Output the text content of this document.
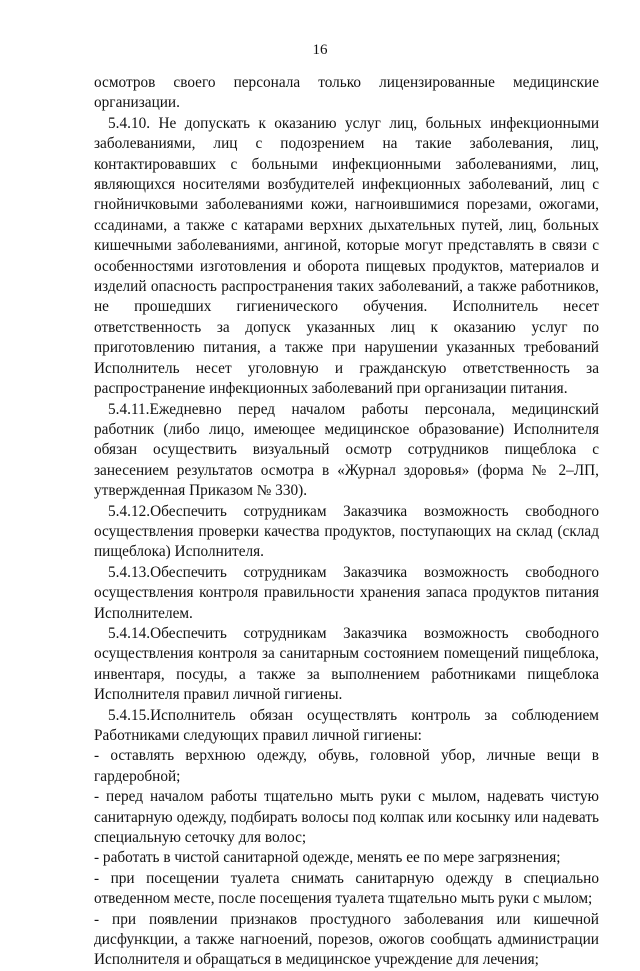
16

осмотров своего персонала только лицензированные медицинские организации.

5.4.10. Не допускать к оказанию услуг лиц, больных инфекционными заболеваниями, лиц с подозрением на такие заболевания, лиц, контактировавших с больными инфекционными заболеваниями, лиц, являющихся носителями возбудителей инфекционных заболеваний, лиц с гнойничковыми заболеваниями кожи, нагноившимися порезами, ожогами, ссадинами, а также с катарами верхних дыхательных путей, лиц, больных кишечными заболеваниями, ангиной, которые могут представлять в связи с особенностями изготовления и оборота пищевых продуктов, материалов и изделий опасность распространения таких заболеваний, а также работников, не прошедших гигиенического обучения. Исполнитель несет ответственность за допуск указанных лиц к оказанию услуг по приготовлению питания, а также при нарушении указанных требований Исполнитель несет уголовную и гражданскую ответственность за распространение инфекционных заболеваний при организации питания.

5.4.11.Ежедневно перед началом работы персонала, медицинский работник (либо лицо, имеющее медицинское образование) Исполнителя обязан осуществить визуальный осмотр сотрудников пищеблока с занесением результатов осмотра в «Журнал здоровья» (форма № 2–ЛП, утвержденная Приказом № 330).

5.4.12.Обеспечить сотрудникам Заказчика возможность свободного осуществления проверки качества продуктов, поступающих на склад (склад пищеблока) Исполнителя.

5.4.13.Обеспечить сотрудникам Заказчика возможность свободного осуществления контроля правильности хранения запаса продуктов питания Исполнителем.

5.4.14.Обеспечить сотрудникам Заказчика возможность свободного осуществления контроля за санитарным состоянием помещений пищеблока, инвентаря, посуды, а также за выполнением работниками пищеблока Исполнителя правил личной гигиены.

5.4.15.Исполнитель обязан осуществлять контроль за соблюдением Работниками следующих правил личной гигиены:

- оставлять верхнюю одежду, обувь, головной убор, личные вещи в
гардеробной;

- перед началом работы тщательно мыть руки с мылом, надевать чистую
санитарную одежду, подбирать волосы под колпак или косынку или надевать специальную сеточку для волос;

- работать в чистой санитарной одежде, менять ее по мере загрязнения;

- при посещении туалета снимать санитарную одежду в специально
отведенном месте, после посещения туалета тщательно мыть руки с мылом;

- при появлении признаков простудного заболевания или кишечной
дисфункции, а также нагноений, порезов, ожогов сообщать администрации Исполнителя и обращаться в медицинское учреждение для лечения;
